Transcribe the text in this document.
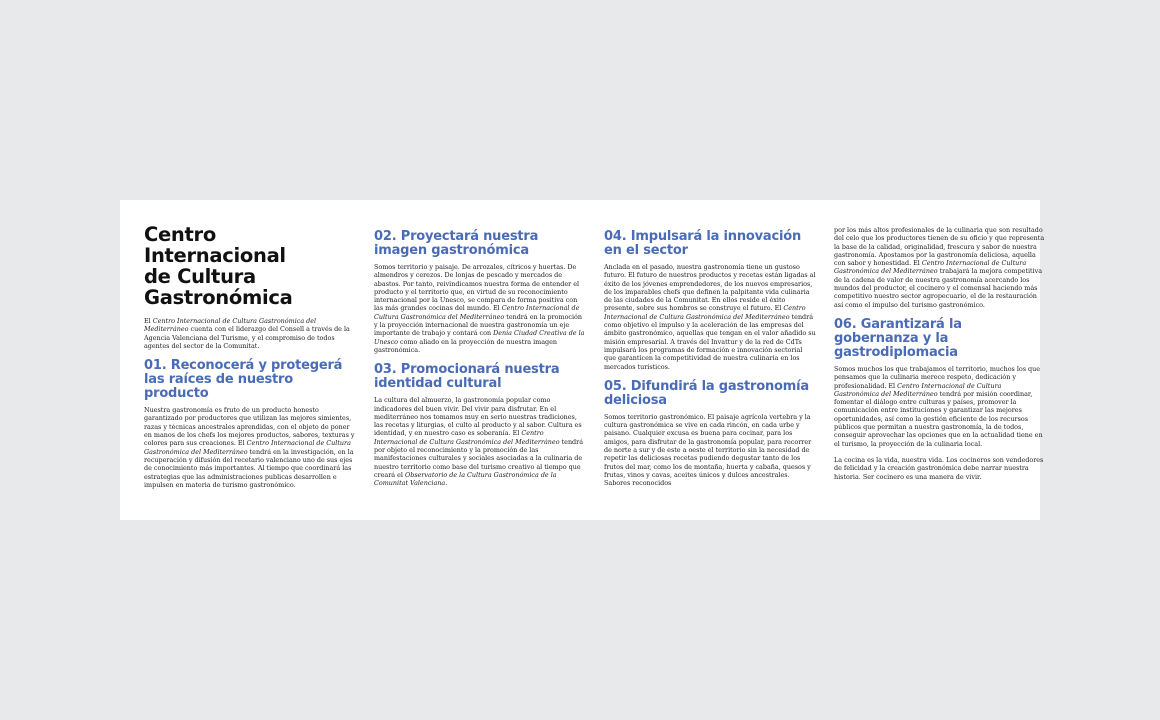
Centro
Internacional
de Cultura
Gastronómica

El Centro Internacional de Cultura Gastronómica del Mediterráneo cuenta con el liderazgo del Consell a través de la Agencia Valenciana del Turisme, y el compromiso de todos agentes del sector de la Comunitat.

01. Reconocerá y protegerá las raíces de nuestro producto

Nuestra gastronomía es fruto de un producto honesto garantizado por productores que utilizan las mejores simientes, razas y técnicas ancestrales aprendidas, con el objeto de poner en manos de los chefs los mejores productos, sabores, texturas y colores para sus creaciones. El Centro Internacional de Cultura Gastronómica del Mediterráneo tendrá en la investigación, en la recuperación y difusión del recetario valenciano uno de sus ejes de conocimiento más importantes. Al tiempo que coordinará las estrategias que las administraciones publicas desarrollen e impulsen en materia de turismo gastronómico.

02. Proyectará nuestra imagen gastronómica

Somos territorio y paisaje. De arrozales, cítricos y huertas. De almendros y cerezos. De lonjas de pescado y mercados de abastos. Por tanto, reivindicamos nuestra forma de entender el producto y el territorio que, en virtud de su reconocimiento internacional por la Unesco, se compara de forma positiva con las más grandes cocinas del mundo. El Centro Internacional de Cultura Gastronómica del Mediterráneo tendrá en la promoción y la proyección internacional de nuestra gastronomía un eje importante de trabajo y contará con Denia Ciudad Creativa de la Unesco como aliado en la proyección de nuestra imagen gastronómica.

03. Promocionará nuestra identidad cultural

La cultura del almuerzo, la gastronomía popular como indicadores del buen vivir. Del vivir para disfrutar. En el mediterráneo nos tomamos muy en serio nuestras tradiciones, las recetas y liturgias, el culto al producto y al sabor. Cultura es identidad, y en nuestro caso es soberanía. El Centro Internacional de Cultura Gastronómica del Mediterráneo tendrá por objeto el reconocimiento y la promoción de las manifestaciones culturales y sociales asociadas a la culinaria de nuestro territorio como base del turismo creativo al tiempo que creará el Observatorio de la Cultura Gastronómica de la Comunitat Valenciana.

04. Impulsará la innovación en el sector

Anclada en el pasado, nuestra gastronomía tiene un gustoso futuro. El futuro de nuestros productos y recetas están ligadas al éxito de los jóvenes emprendedores, de los nuevos empresarios, de los imparables chefs que definen la palpitante vida culinaria de las ciudades de la Comunitat. En ellos reside el éxito presente, sobre sus hombros se construye el futuro. El Centro Internacional de Cultura Gastronómica del Mediterráneo tendrá como objetivo el impulso y la aceleración de las empresas del ámbito gastronómico, aquellas que tengan en el valor añadido su misión empresarial. A través del Invattur y de la red de CdTs impulsará los programas de formación e innovación sectorial que garanticen la competitividad de nuestra culinaria en los mercados turísticos.

05. Difundirá la gastronomía deliciosa

Somos territorio gastronómico. El paisaje agrícola vertebra y la cultura gastronómica se vive en cada rincón, en cada urbe y paisano. Cualquier excusa es buena para cocinar, para los amigos, para disfrutar de la gastronomía popular, para recorrer de norte a sur y de este a oeste el territorio sin la necesidad de repetir las deliciosas recetas pudiendo degustar tanto de los frutos del mar, como los de montaña, huerta y cabaña, quesos y frutas, vinos y cavas, aceites únicos y dulces ancestrales. Sabores reconocidos

por los más altos profesionales de la culinaria que son resultado del celo que los productores tienen de su oficio y que representa la base de la calidad, originalidad, frescura y sabor de nuestra gastronomía. Apostamos por la gastronomía deliciosa, aquella con sabor y honestidad. El Centro Internacional de Cultura Gastronómica del Mediterráneo trabajará la mejora competitiva de la cadena de valor de nuestra gastronomía acercando los mundos del productor, el cocinero y el comensal haciendo más competitivo nuestro sector agropecuario, el de la restauración así como el impulso del turismo gastronómico.

06. Garantizará la gobernanza y la gastrodiplomacia

Somos muchos los que trabajamos el territorio, muchos los que pensamos que la culinaria merece respeto, dedicación y profesionalidad. El Centro Internacional de Cultura Gastronómica del Mediterráneo tendrá por misión coordinar, fomentar el diálogo entre culturas y países, promover la comunicación entre instituciones y garantizar las mejores oportunidades, así como la gestión eficiente de los recursos públicos que permitan a nuestra gastronomía, la de todos, conseguir aprovechar las opciones que en la actualidad tiene en el turismo, la proyección de la culinaria local.

La cocina es la vida, nuestra vida. Los cocineros son vendedores de felicidad y la creación gastronómica debe narrar nuestra historia. Ser cocinero es una manera de vivir.
